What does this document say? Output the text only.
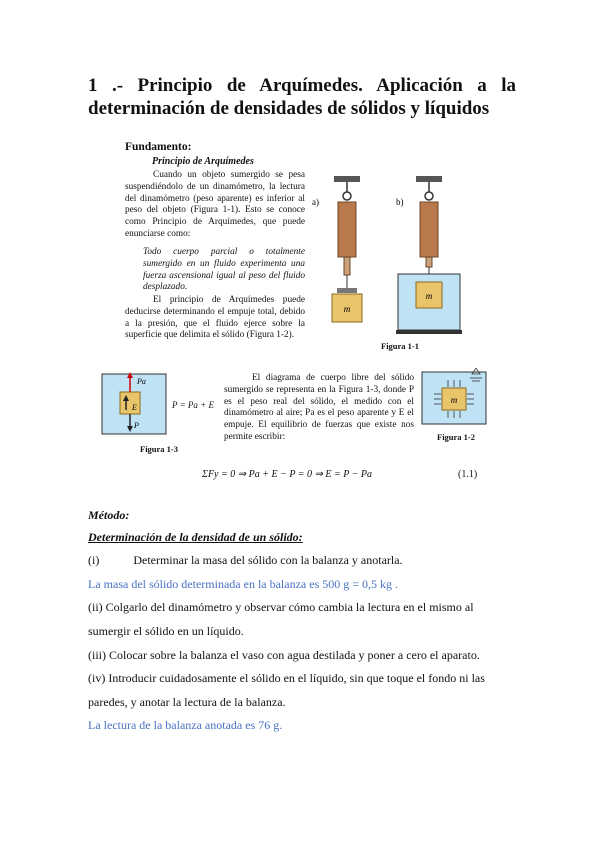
1 .- Principio de Arquímedes. Aplicación a la
determinación de densidades de sólidos y líquidos
Fundamento:
Principio de Arquímedes
Cuando un objeto sumergido se pesa suspendiéndolo de un dinamómetro, la lectura del dinamómetro (peso aparente) es inferior al peso del objeto (Figura 1-1). Esto se conoce como Principio de Arquímedes, que puede enunciarse como:
Todo cuerpo parcial o totalmente sumergido en un fluido experimenta una fuerza ascensional igual al peso del fluido desplazado.
El principio de Arquímedes puede deducirse determinando el empuje total, debido a la presión, que el fluido ejerce sobre la superficie que delimita el sólido (Figura 1-2).
a)
m
b)
m
Figura 1-1
Pa
E
P
P = Pa + E
Figura 1-3
El diagrama de cuerpo libre del sólido sumergido se representa en la Figura 1-3, donde P es el peso real del sólido, el medido con el dinamómetro al aire; Pa es el peso aparente y E el empuje. El equilibrio de fuerzas que existe nos permite escribir:
m
Figura 1-2
ΣFy = 0 ⇒ Pa + E − P = 0 ⇒ E = P − Pa	(1.1)
Método:
Determinación de la densidad de un sólido:
(i)	Determinar la masa del sólido con la balanza y anotarla.
La masa del sólido determinada en la balanza es 500 g = 0,5 kg .
(ii) Colgarlo del dinamómetro y observar cómo cambia la lectura en el mismo al
sumergir el sólido en un líquido.
(iii) Colocar sobre la balanza el vaso con agua destilada y poner a cero el aparato.
(iv) Introducir cuidadosamente el sólido en el líquido, sin que toque el fondo ni las
paredes, y anotar la lectura de la balanza.
La lectura de la balanza anotada es 76 g.
